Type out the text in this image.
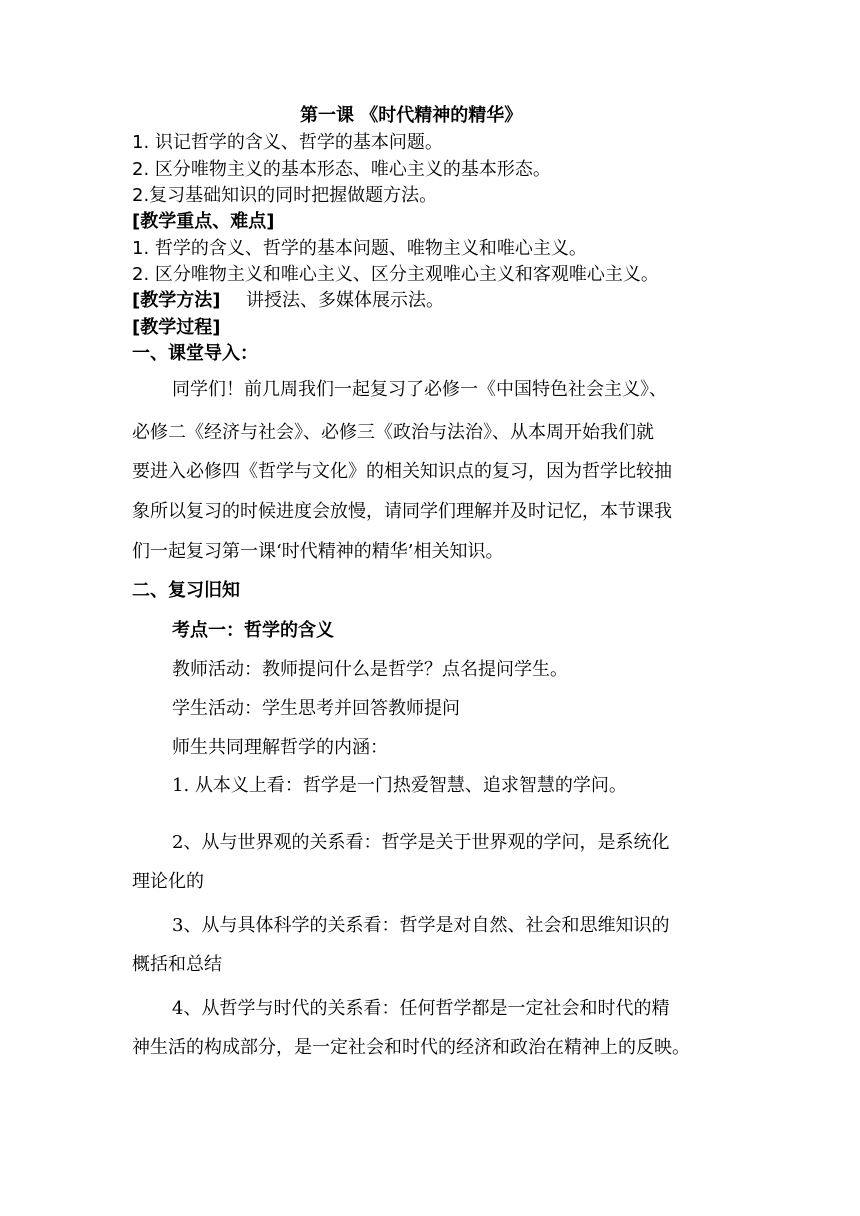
第一课 《时代精神的精华》
1. 识记哲学的含义、哲学的基本问题。
2. 区分唯物主义的基本形态、唯心主义的基本形态。
2.复习基础知识的同时把握做题方法。
[教学重点、难点]
1. 哲学的含义、哲学的基本问题、唯物主义和唯心主义。
2. 区分唯物主义和唯心主义、区分主观唯心主义和客观唯心主义。
[教学方法] 讲授法、多媒体展示法。
[教学过程]
一、课堂导入：
同学们！前几周我们一起复习了必修一《中国特色社会主义》、
必修二《经济与社会》、必修三《政治与法治》、从本周开始我们就
要进入必修四《哲学与文化》的相关知识点的复习，因为哲学比较抽
象所以复习的时候进度会放慢，请同学们理解并及时记忆，本节课我
们一起复习第一课‘时代精神的精华’相关知识。
二、复习旧知
考点一：哲学的含义
教师活动：教师提问什么是哲学？点名提问学生。
学生活动：学生思考并回答教师提问
师生共同理解哲学的内涵：
1. 从本义上看：哲学是一门热爱智慧、追求智慧的学问。
2、从与世界观的关系看：哲学是关于世界观的学问，是系统化
理论化的
3、从与具体科学的关系看：哲学是对自然、社会和思维知识的
概括和总结
4、从哲学与时代的关系看：任何哲学都是一定社会和时代的精
神生活的构成部分，是一定社会和时代的经济和政治在精神上的反映。
